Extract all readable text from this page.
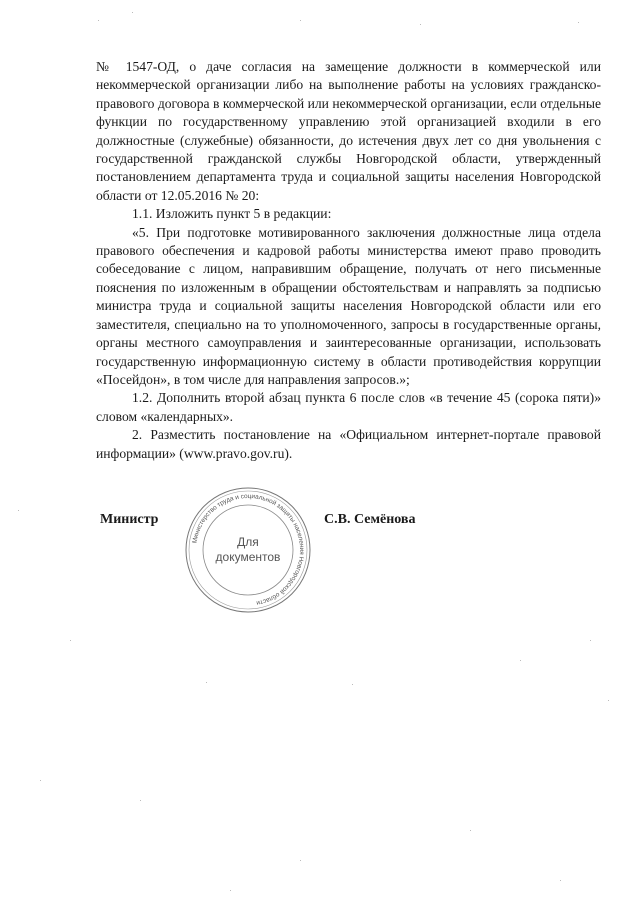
№ 1547-ОД, о даче согласия на замещение должности в коммерческой или некоммерческой организации либо на выполнение работы на условиях гражданско-правового договора в коммерческой или некоммерческой организации, если отдельные функции по государственному управлению этой организацией входили в его должностные (служебные) обязанности, до истечения двух лет со дня увольнения с государственной гражданской службы Новгородской области, утвержденный постановлением департамента труда и социальной защиты населения Новгородской области от 12.05.2016 № 20:

1.1. Изложить пункт 5 в редакции:

«5. При подготовке мотивированного заключения должностные лица отдела правового обеспечения и кадровой работы министерства имеют право проводить собеседование с лицом, направившим обращение, получать от него письменные пояснения по изложенным в обращении обстоятельствам и направлять за подписью министра труда и социальной защиты населения Новгородской области или его заместителя, специально на то уполномоченного, запросы в государственные органы, органы местного самоуправления и заинтересованные организации, использовать государственную информационную систему в области противодействия коррупции «Посейдон», в том числе для направления запросов.»;

1.2. Дополнить второй абзац пункта 6 после слов «в течение 45 (сорока пяти)» словом «календарных».

2. Разместить постановление на «Официальном интернет-портале правовой информации» (www.pravo.gov.ru).

Министр
Министерство труда и социальной защиты населения Новгородской области
Для
документов
С.В. Семёнова
